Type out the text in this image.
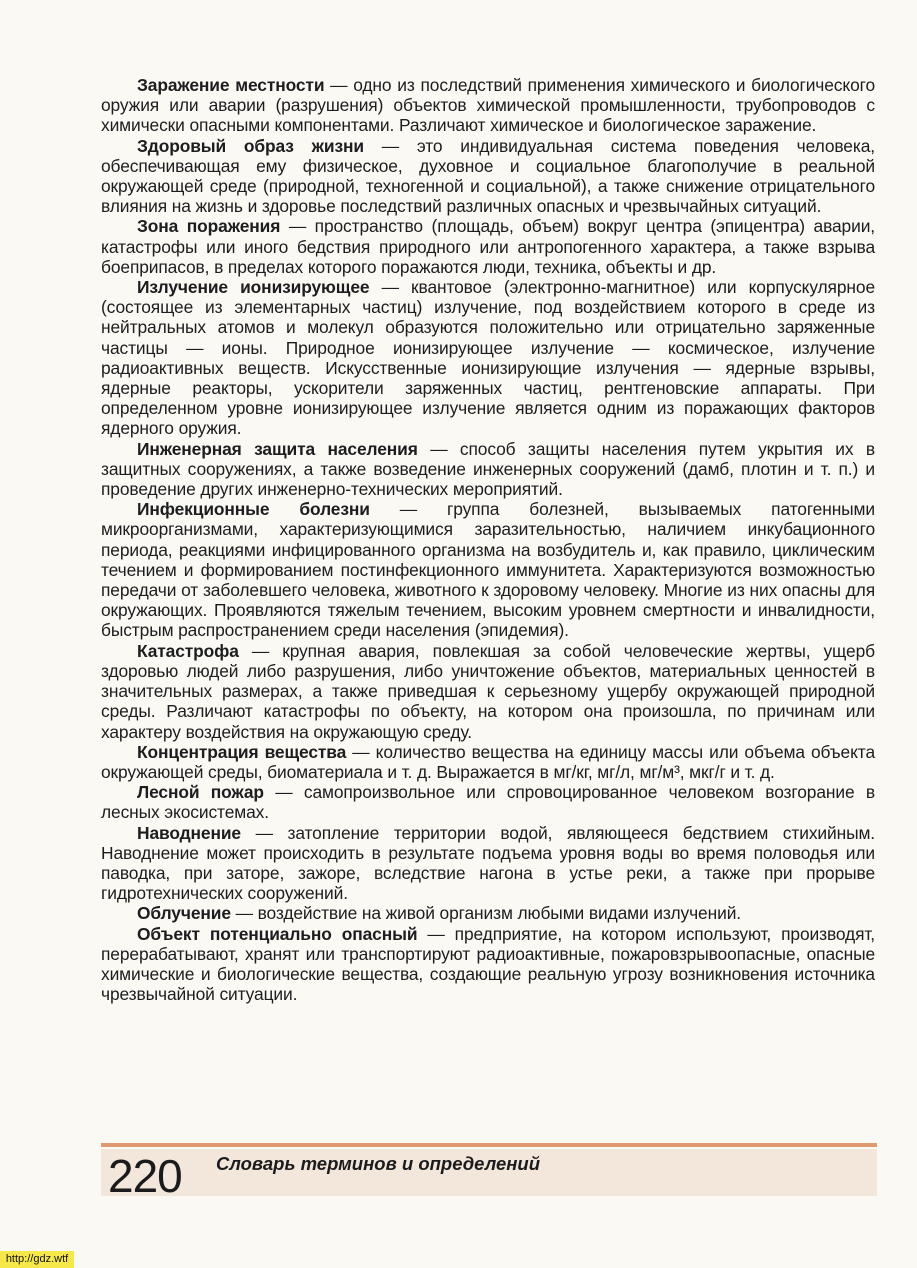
Заражение местности — одно из последствий применения химического и биологического оружия или аварии (разрушения) объектов химической промышленности, трубопроводов с химически опасными компонентами. Различают химическое и биологическое заражение.

Здоровый образ жизни — это индивидуальная система поведения человека, обеспечивающая ему физическое, духовное и социальное благополучие в реальной окружающей среде (природной, техногенной и социальной), а также снижение отрицательного влияния на жизнь и здоровье последствий различных опасных и чрезвычайных ситуаций.

Зона поражения — пространство (площадь, объем) вокруг центра (эпицентра) аварии, катастрофы или иного бедствия природного или антропогенного характера, а также взрыва боеприпасов, в пределах которого поражаются люди, техника, объекты и др.

Излучение ионизирующее — квантовое (электронно-магнитное) или корпускулярное (состоящее из элементарных частиц) излучение, под воздействием которого в среде из нейтральных атомов и молекул образуются положительно или отрицательно заряженные частицы — ионы. Природное ионизирующее излучение — космическое, излучение радиоактивных веществ. Искусственные ионизирующие излучения — ядерные взрывы, ядерные реакторы, ускорители заряженных частиц, рентгеновские аппараты. При определенном уровне ионизирующее излучение является одним из поражающих факторов ядерного оружия.

Инженерная защита населения — способ защиты населения путем укрытия их в защитных сооружениях, а также возведение инженерных сооружений (дамб, плотин и т. п.) и проведение других инженерно-технических мероприятий.

Инфекционные болезни — группа болезней, вызываемых патогенными микроорганизмами, характеризующимися заразительностью, наличием инкубационного периода, реакциями инфицированного организма на возбудитель и, как правило, циклическим течением и формированием постинфекционного иммунитета. Характеризуются возможностью передачи от заболевшего человека, животного к здоровому человеку. Многие из них опасны для окружающих. Проявляются тяжелым течением, высоким уровнем смертности и инвалидности, быстрым распространением среди населения (эпидемия).

Катастрофа — крупная авария, повлекшая за собой человеческие жертвы, ущерб здоровью людей либо разрушения, либо уничтожение объектов, материальных ценностей в значительных размерах, а также приведшая к серьезному ущербу окружающей природной среды. Различают катастрофы по объекту, на котором она произошла, по причинам или характеру воздействия на окружающую среду.

Концентрация вещества — количество вещества на единицу массы или объема объекта окружающей среды, биоматериала и т. д. Выражается в мг/кг, мг/л, мг/м³, мкг/г и т. д.

Лесной пожар — самопроизвольное или спровоцированное человеком возгорание в лесных экосистемах.

Наводнение — затопление территории водой, являющееся бедствием стихийным. Наводнение может происходить в результате подъема уровня воды во время половодья или паводка, при заторе, зажоре, вследствие нагона в устье реки, а также при прорыве гидротехнических сооружений.

Облучение — воздействие на живой организм любыми видами излучений.

Объект потенциально опасный — предприятие, на котором используют, производят, перерабатывают, хранят или транспортируют радиоактивные, пожаровзрывоопасные, опасные химические и биологические вещества, создающие реальную угрозу возникновения источника чрезвычайной ситуации.

220 Словарь терминов и определений
http://gdz.wtf
